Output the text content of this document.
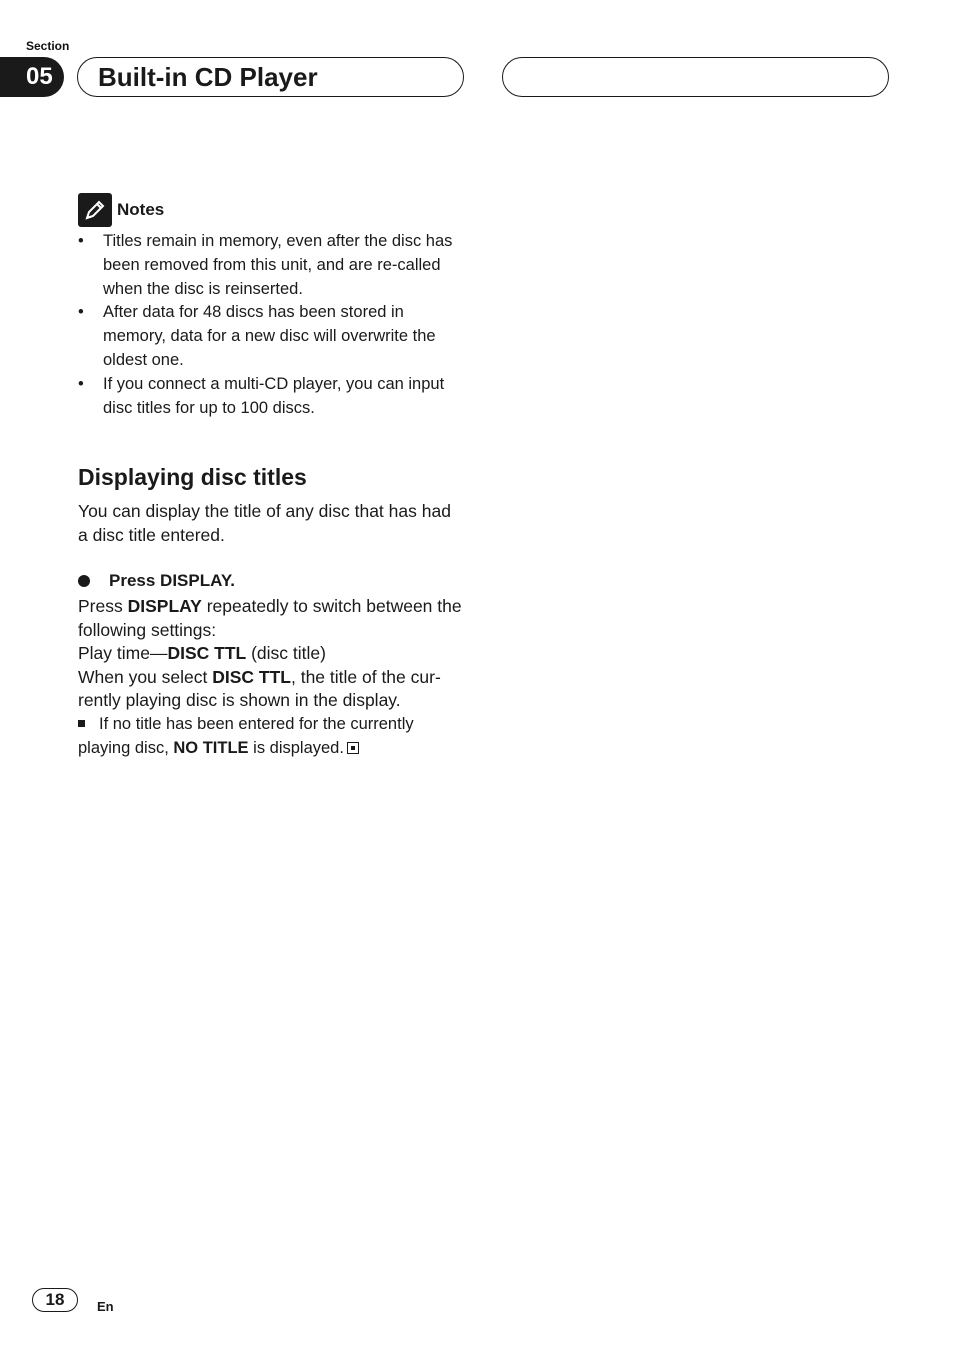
Section
05	Built-in CD Player
Notes
• Titles remain in memory, even after the disc has been removed from this unit, and are re-called when the disc is reinserted.
• After data for 48 discs has been stored in memory, data for a new disc will overwrite the oldest one.
• If you connect a multi-CD player, you can input disc titles for up to 100 discs.
Displaying disc titles

You can display the title of any disc that has had a disc title entered.

Press DISPLAY.

Press DISPLAY repeatedly to switch between the following settings:

Play time—DISC TTL (disc title)

When you select DISC TTL, the title of the cur-rently playing disc is shown in the display.

If no title has been entered for the currently playing disc, NO TITLE is displayed.

18	En
